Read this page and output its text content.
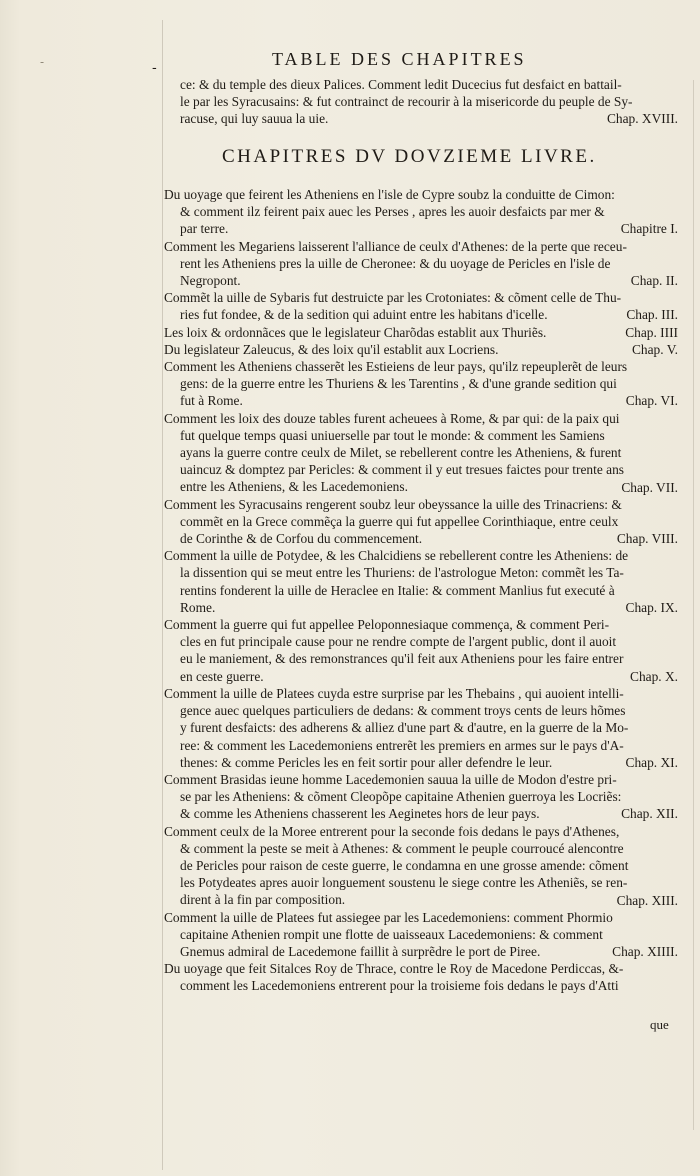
-	-	TABLE DES CHAPITRES
ce: & du temple des dieux Palices. Comment ledit Ducecius fut desfaict en battail-
le par les Syracusains: & fut contrainct de recourir à la misericorde du peuple de Sy-
racuse, qui luy sauua la uie.	Chap. XVIII.
CHAPITRES DV DOVZIEME LIVRE.
Du uoyage que feirent les Atheniens en l'isle de Cypre soubz la conduitte de Cimon:
& comment ilz feirent paix auec les Perses , apres les auoir desfaicts par mer &
par terre.	Chapitre I.
Comment les Megariens laisserent l'alliance de ceulx d'Athenes: de la perte que receu-
rent les Atheniens pres la uille de Cheronee: & du uoyage de Pericles en l'isle de
Negropont.	Chap. II.
Commẽt la uille de Sybaris fut destruicte par les Crotoniates: & cõment celle de Thu-
ries fut fondee, & de la sedition qui aduint entre les habitans d'icelle.	Chap. III.
Les loix & ordonnãces que le legislateur Charõdas establit aux Thuriẽs.	Chap. IIII
Du legislateur Zaleucus, & des loix qu'il establit aux Locriens.	Chap. V.
Comment les Atheniens chasserẽt les Estieiens de leur pays, qu'ilz repeuplerẽt de leurs
gens: de la guerre entre les Thuriens & les Tarentins , & d'une grande sedition qui
fut à Rome.	Chap. VI.
Comment les loix des douze tables furent acheuees à Rome, & par qui: de la paix qui
fut quelque temps quasi uniuerselle par tout le monde: & comment les Samiens
ayans la guerre contre ceulx de Milet, se rebellerent contre les Atheniens, & furent
uaincuz & domptez par Pericles: & comment il y eut tresues faictes pour trente ans
entre les Atheniens, & les Lacedemoniens.	Chap. VII.
Comment les Syracusains rengerent soubz leur obeyssance la uille des Trinacriens: &
commẽt en la Grece commẽça la guerre qui fut appellee Corinthiaque, entre ceulx
de Corinthe & de Corfou du commencement.	Chap. VIII.
Comment la uille de Potydee, & les Chalcidiens se rebellerent contre les Atheniens: de
la dissention qui se meut entre les Thuriens: de l'astrologue Meton: commẽt les Ta-
rentins fonderent la uille de Heraclee en Italie: & comment Manlius fut executé à
Rome.	Chap. IX.
Comment la guerre qui fut appellee Peloponnesiaque commença, & comment Peri-
cles en fut principale cause pour ne rendre compte de l'argent public, dont il auoit
eu le maniement, & des remonstrances qu'il feit aux Atheniens pour les faire entrer
en ceste guerre.	Chap. X.
Comment la uille de Platees cuyda estre surprise par les Thebains , qui auoient intelli-
gence auec quelques particuliers de dedans: & comment troys cents de leurs hõmes
y furent desfaicts: des adherens & alliez d'une part & d'autre, en la guerre de la Mo-
ree: & comment les Lacedemoniens entrerẽt les premiers en armes sur le pays d'A-
thenes: & comme Pericles les en feit sortir pour aller defendre le leur.	Chap. XI.
Comment Brasidas ieune homme Lacedemonien sauua la uille de Modon d'estre pri-
se par les Atheniens: & cõment Cleopõpe capitaine Athenien guerroya les Locriẽs:
& comme les Atheniens chasserent les Aeginetes hors de leur pays.	Chap. XII.
Comment ceulx de la Moree entrerent pour la seconde fois dedans le pays d'Athenes,
& comment la peste se meit à Athenes: & comment le peuple courroucé alencontre
de Pericles pour raison de ceste guerre, le condamna en une grosse amende: cõment
les Potydeates apres auoir longuement soustenu le siege contre les Atheniẽs, se ren-
dirent à la fin par composition.	Chap. XIII.
Comment la uille de Platees fut assiegee par les Lacedemoniens: comment Phormio
capitaine Athenien rompit une flotte de uaisseaux Lacedemoniens: & comment
Gnemus admiral de Lacedemone faillit à surprẽdre le port de Piree.	Chap. XIIII.
Du uoyage que feit Sitalces Roy de Thrace, contre le Roy de Macedone Perdiccas, &-
comment les Lacedemoniens entrerent pour la troisieme fois dedans le pays d'Atti
que
